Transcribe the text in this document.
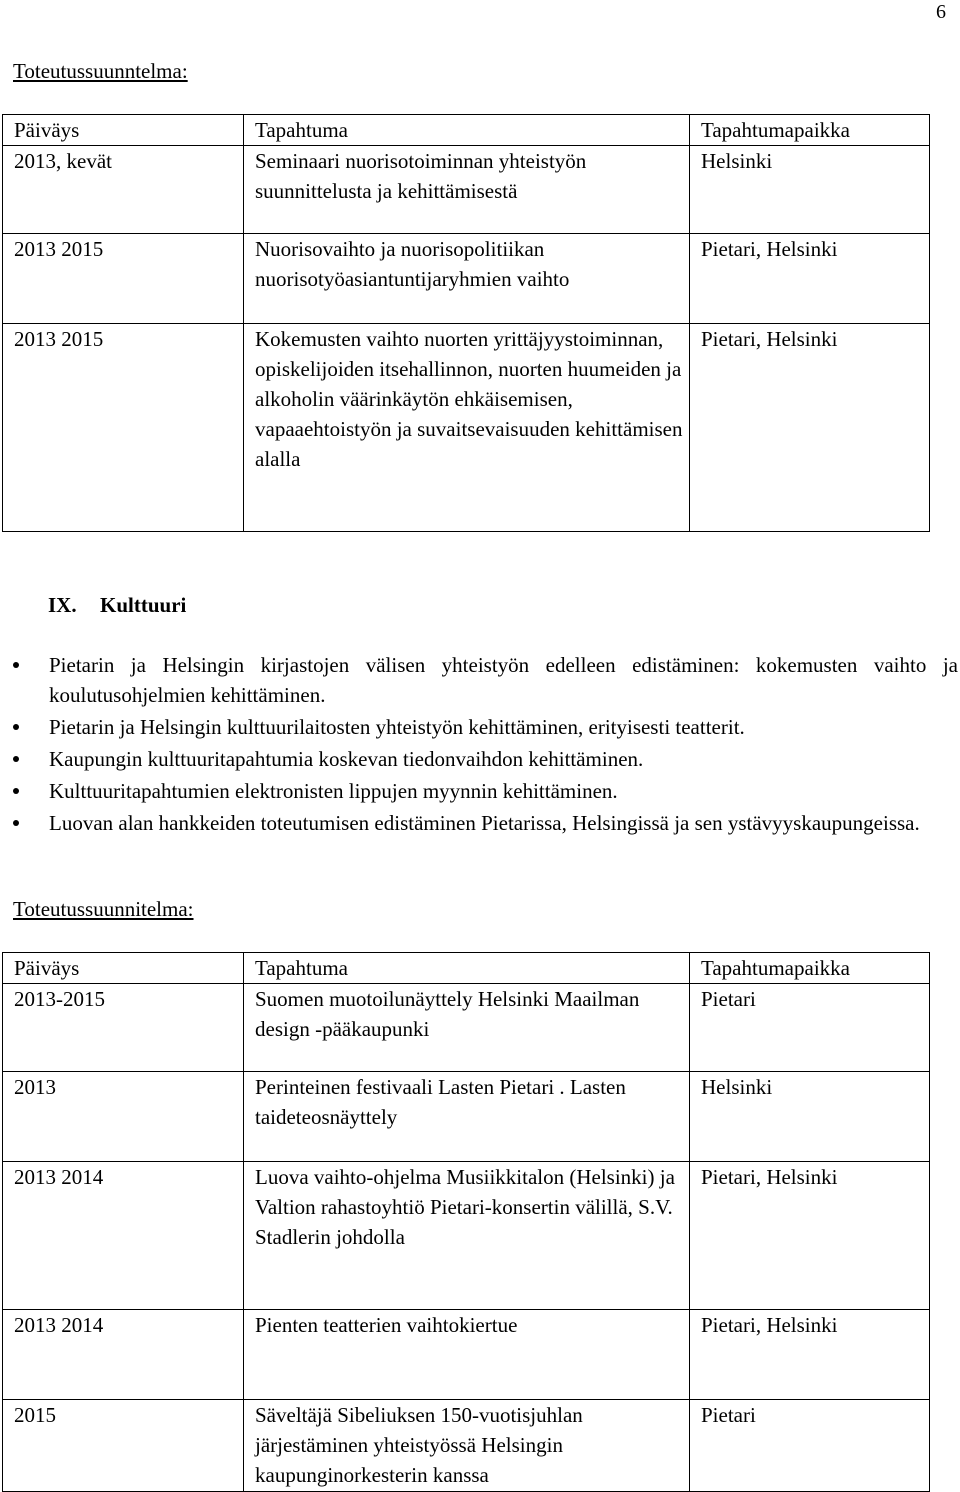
6
Toteutussuunntelma:
Päiväys	Tapahtuma	Tapahtumapaikka
2013, kevät	Seminaari nuorisotoiminnan yhteistyön suunnittelusta ja kehittämisestä	Helsinki
2013 2015	Nuorisovaihto ja nuorisopolitiikan nuorisotyöasiantuntijaryhmien vaihto	Pietari, Helsinki
2013 2015	Kokemusten vaihto nuorten yrittäjyystoiminnan, opiskelijoiden itsehallinnon, nuorten huumeiden ja alkoholin väärinkäytön ehkäisemisen, vapaaehtoistyön ja suvaitsevaisuuden kehittämisen alalla	Pietari, Helsinki
IX. Kulttuuri
Pietarin ja Helsingin kirjastojen välisen yhteistyön edelleen edistäminen: kokemusten vaihto ja koulutusohjelmien kehittäminen.
Pietarin ja Helsingin kulttuurilaitosten yhteistyön kehittäminen, erityisesti teatterit.
Kaupungin kulttuuritapahtumia koskevan tiedonvaihdon kehittäminen.
Kulttuuritapahtumien elektronisten lippujen myynnin kehittäminen.
Luovan alan hankkeiden toteutumisen edistäminen Pietarissa, Helsingissä ja sen ystävyyskaupungeissa.
Toteutussuunnitelma:
Päiväys	Tapahtuma	Tapahtumapaikka
2013-2015	Suomen muotoilunäyttely Helsinki Maailman design -pääkaupunki	Pietari
2013	Perinteinen festivaali Lasten Pietari . Lasten taideteosnäyttely	Helsinki
2013 2014	Luova vaihto-ohjelma Musiikkitalon (Helsinki) ja Valtion rahastoyhtiö Pietari-konsertin välillä, S.V. Stadlerin johdolla	Pietari, Helsinki
2013 2014	Pienten teatterien vaihtokiertue	Pietari, Helsinki
2015	Säveltäjä Sibeliuksen 150-vuotisjuhlan järjestäminen yhteistyössä Helsingin kaupunginorkesterin kanssa	Pietari
